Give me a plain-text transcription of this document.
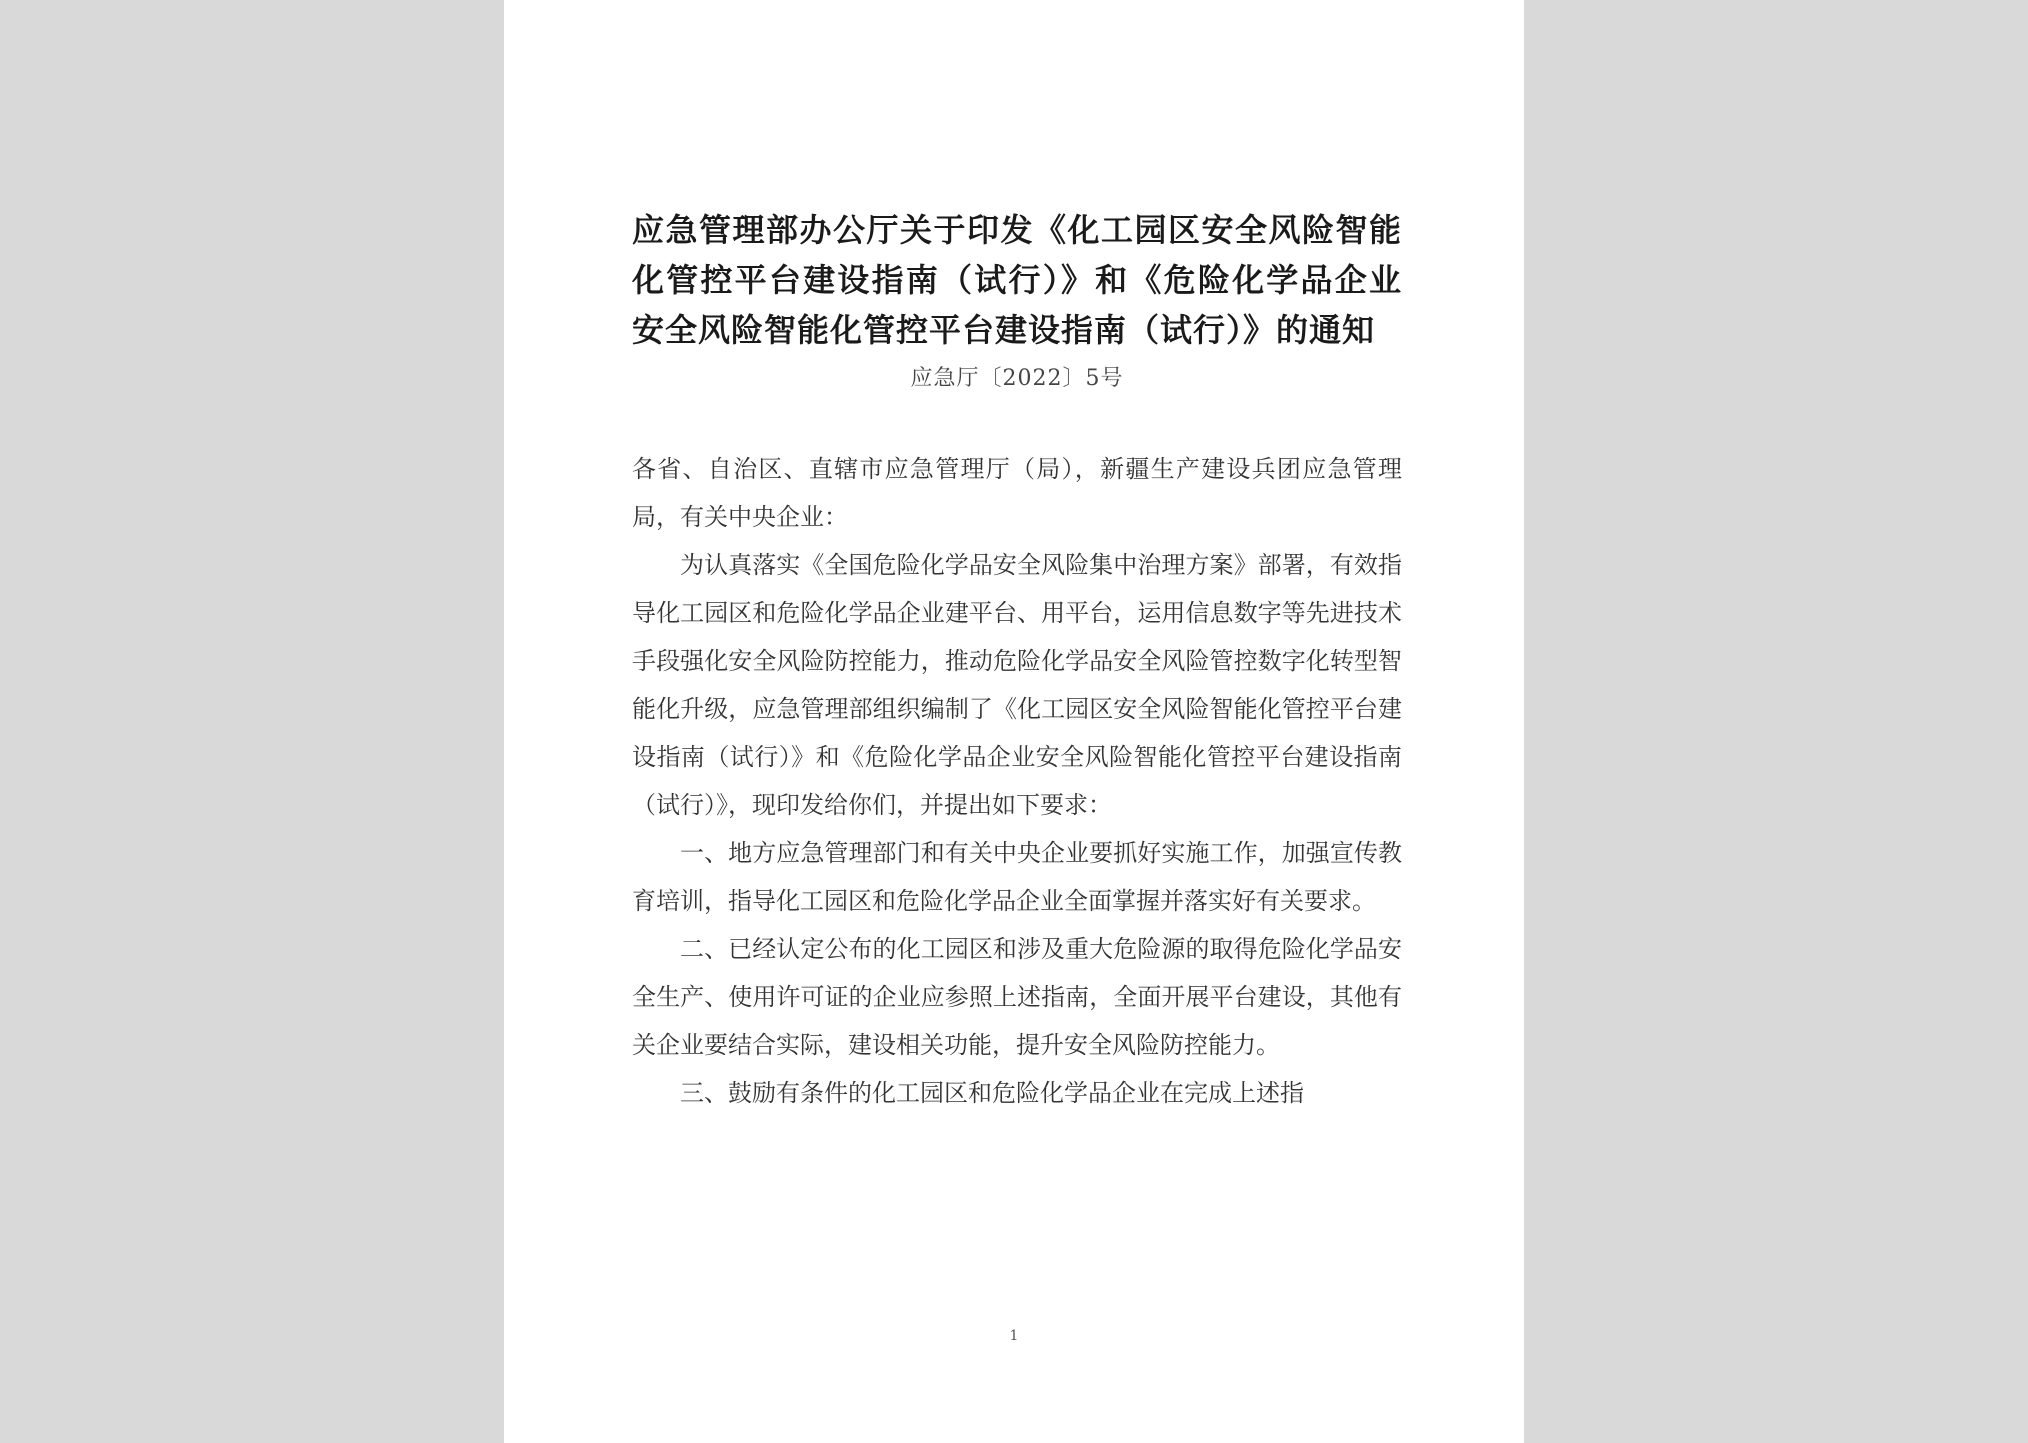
应急管理部办公厅关于印发《化工园区安全风险智能化管控平台建设指南（试行）》和《危险化学品企业安全风险智能化管控平台建设指南（试行）》的通知
应急厅〔2022〕5号
各省、自治区、直辖市应急管理厅（局），新疆生产建设兵团应急管理局，有关中央企业：

为认真落实《全国危险化学品安全风险集中治理方案》部署，有效指导化工园区和危险化学品企业建平台、用平台，运用信息数字等先进技术手段强化安全风险防控能力，推动危险化学品安全风险管控数字化转型智能化升级，应急管理部组织编制了《化工园区安全风险智能化管控平台建设指南（试行）》和《危险化学品企业安全风险智能化管控平台建设指南（试行）》，现印发给你们，并提出如下要求：

一、地方应急管理部门和有关中央企业要抓好实施工作，加强宣传教育培训，指导化工园区和危险化学品企业全面掌握并落实好有关要求。

二、已经认定公布的化工园区和涉及重大危险源的取得危险化学品安全生产、使用许可证的企业应参照上述指南，全面开展平台建设，其他有关企业要结合实际，建设相关功能，提升安全风险防控能力。

三、鼓励有条件的化工园区和危险化学品企业在完成上述指

1
